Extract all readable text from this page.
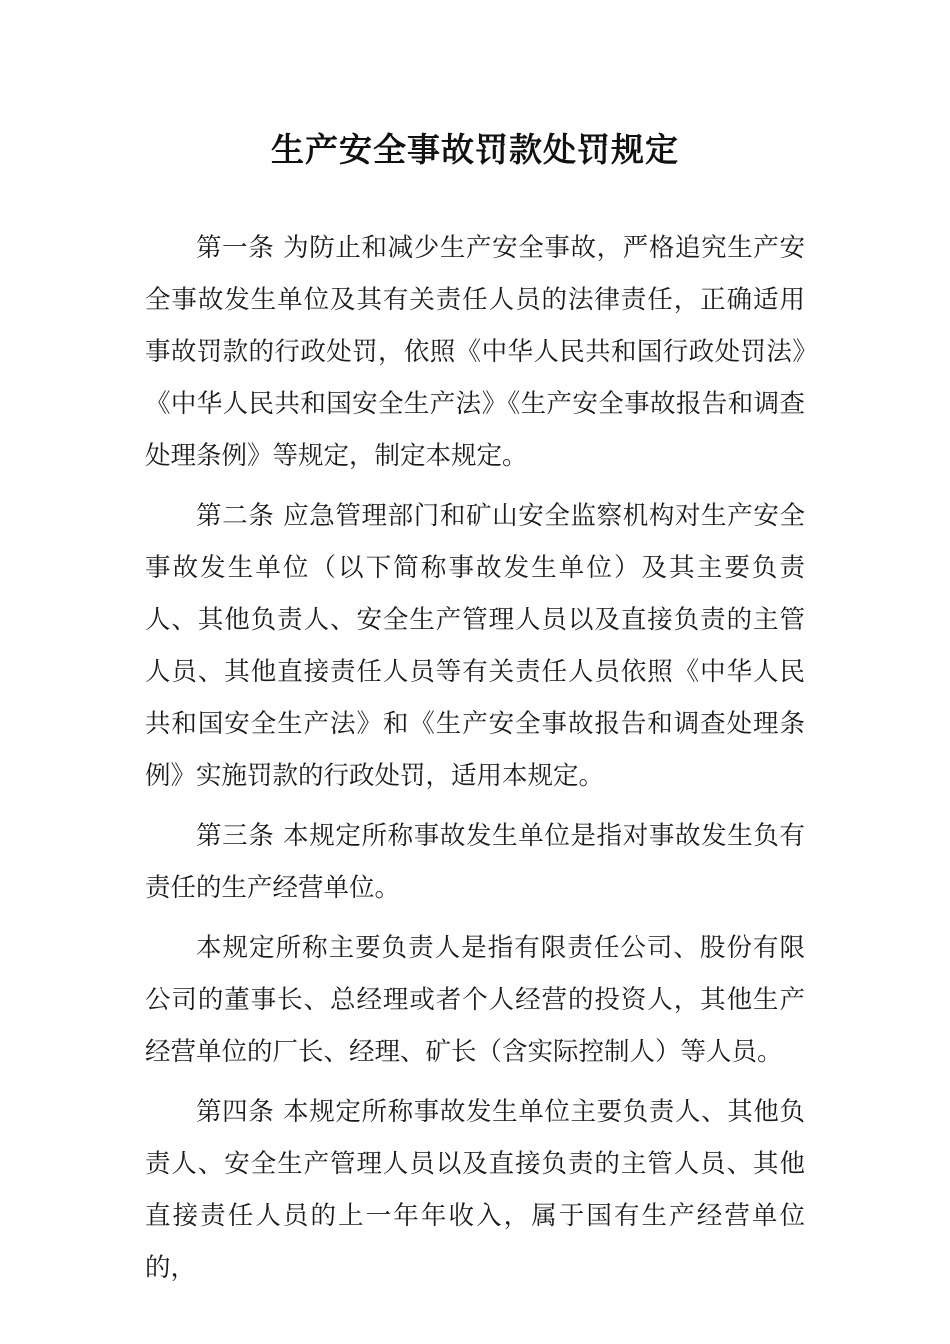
生产安全事故罚款处罚规定

第一条 为防止和减少生产安全事故，严格追究生产安全事故发生单位及其有关责任人员的法律责任，正确适用事故罚款的行政处罚，依照《中华人民共和国行政处罚法》《中华人民共和国安全生产法》《生产安全事故报告和调查处理条例》等规定，制定本规定。

第二条 应急管理部门和矿山安全监察机构对生产安全事故发生单位（以下简称事故发生单位）及其主要负责人、其他负责人、安全生产管理人员以及直接负责的主管人员、其他直接责任人员等有关责任人员依照《中华人民共和国安全生产法》和《生产安全事故报告和调查处理条例》实施罚款的行政处罚，适用本规定。

第三条 本规定所称事故发生单位是指对事故发生负有责任的生产经营单位。

本规定所称主要负责人是指有限责任公司、股份有限公司的董事长、总经理或者个人经营的投资人，其他生产经营单位的厂长、经理、矿长（含实际控制人）等人员。

第四条 本规定所称事故发生单位主要负责人、其他负责人、安全生产管理人员以及直接负责的主管人员、其他直接责任人员的上一年年收入，属于国有生产经营单位的，
